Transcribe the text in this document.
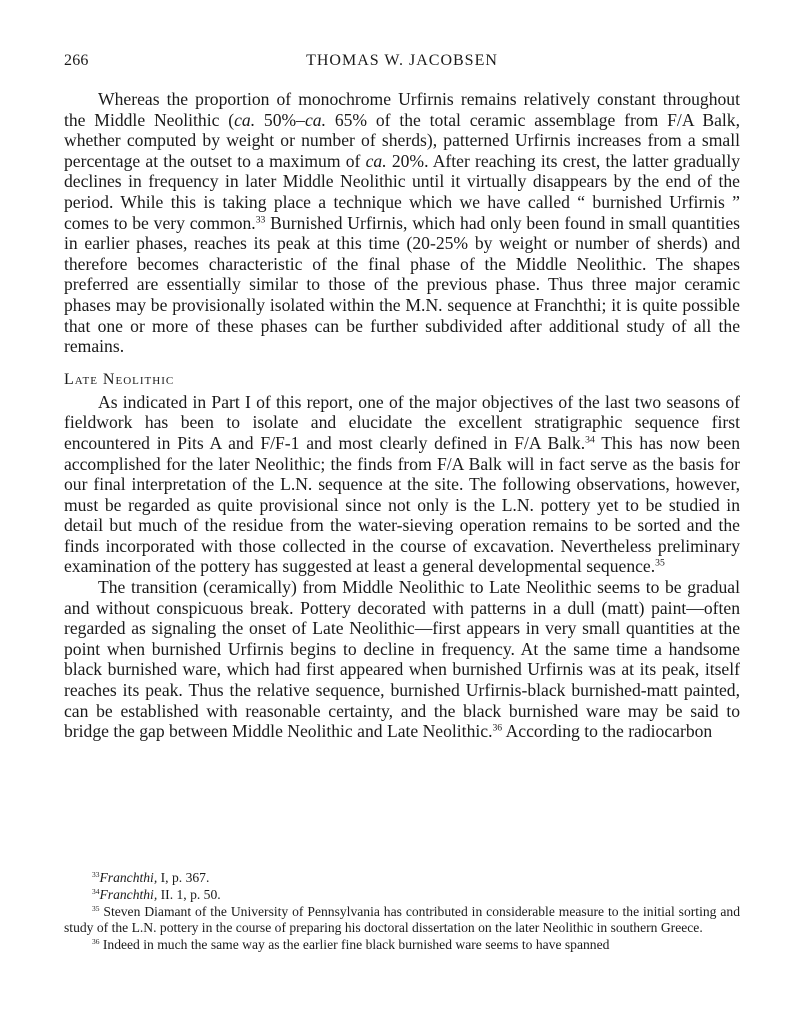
266	THOMAS W. JACOBSEN

Whereas the proportion of monochrome Urfirnis remains relatively constant throughout the Middle Neolithic (ca. 50%–ca. 65% of the total ceramic assemblage from F/A Balk, whether computed by weight or number of sherds), patterned Urfirnis increases from a small percentage at the outset to a maximum of ca. 20%. After reaching its crest, the latter gradually declines in frequency in later Middle Neolithic until it virtually disappears by the end of the period. While this is taking place a technique which we have called “ burnished Urfirnis ” comes to be very common.$^{33}$ Burnished Urfirnis, which had only been found in small quantities in earlier phases, reaches its peak at this time (20-25% by weight or number of sherds) and therefore becomes characteristic of the final phase of the Middle Neolithic. The shapes preferred are essentially similar to those of the previous phase. Thus three major ceramic phases may be provisionally isolated within the M.N. sequence at Franchthi; it is quite possible that one or more of these phases can be further subdivided after additional study of all the remains.

Late Neolithic

As indicated in Part I of this report, one of the major objectives of the last two seasons of fieldwork has been to isolate and elucidate the excellent stratigraphic sequence first encountered in Pits A and F/F-1 and most clearly defined in F/A Balk.$^{34}$ This has now been accomplished for the later Neolithic; the finds from F/A Balk will in fact serve as the basis for our final interpretation of the L.N. sequence at the site. The following observations, however, must be regarded as quite provisional since not only is the L.N. pottery yet to be studied in detail but much of the residue from the water-sieving operation remains to be sorted and the finds incorporated with those collected in the course of excavation. Nevertheless preliminary examination of the pottery has suggested at least a general developmental sequence.$^{35}$

The transition (ceramically) from Middle Neolithic to Late Neolithic seems to be gradual and without conspicuous break. Pottery decorated with patterns in a dull (matt) paint—often regarded as signaling the onset of Late Neolithic—first appears in very small quantities at the point when burnished Urfirnis begins to decline in frequency. At the same time a handsome black burnished ware, which had first appeared when burnished Urfirnis was at its peak, itself reaches its peak. Thus the relative sequence, burnished Urfirnis-black burnished-matt painted, can be established with reasonable certainty, and the black burnished ware may be said to bridge the gap between Middle Neolithic and Late Neolithic.$^{36}$ According to the radiocarbon

$^{33}$Franchthi, I, p. 367.

$^{34}$Franchthi, II. 1, p. 50.

$^{35}$ Steven Diamant of the University of Pennsylvania has contributed in considerable measure to the initial sorting and study of the L.N. pottery in the course of preparing his doctoral dissertation on the later Neolithic in southern Greece.

$^{36}$ Indeed in much the same way as the earlier fine black burnished ware seems to have spanned
